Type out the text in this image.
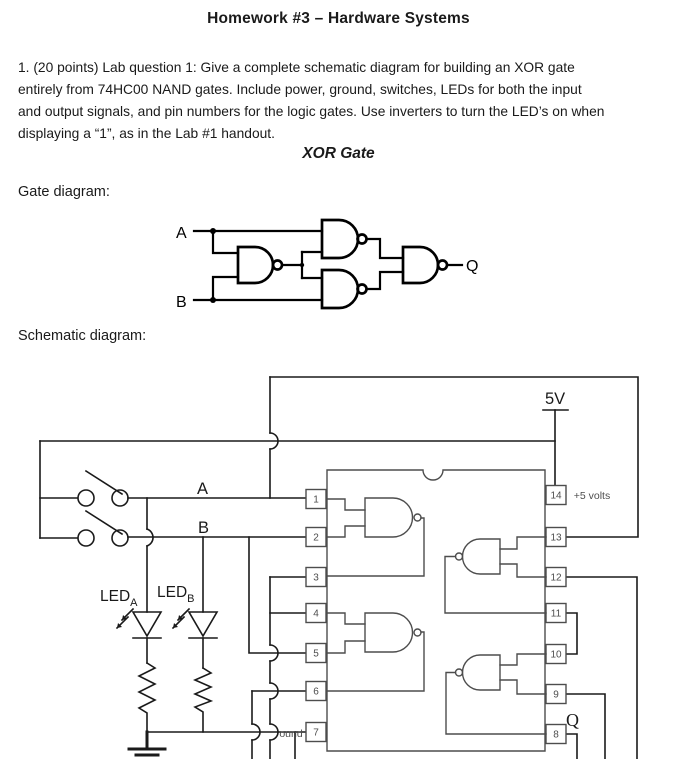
Homework #3 – Hardware Systems
1. (20 points) Lab question 1: Give a complete schematic diagram for building an XOR gate
entirely from 74HC00 NAND gates. Include power, ground, switches, LEDs for both the input
and output signals, and pin numbers for the logic gates. Use inverters to turn the LED’s on when
displaying a “1”, as in the Lab #1 handout.
XOR Gate
Gate diagram:
Schematic diagram:
A
B
Q
5V
A
B
$LED_A$
$LED_B$
Q
1
2
3
4
5
6
7
14
13
12
11
10
9
8
+5 volts
ound
